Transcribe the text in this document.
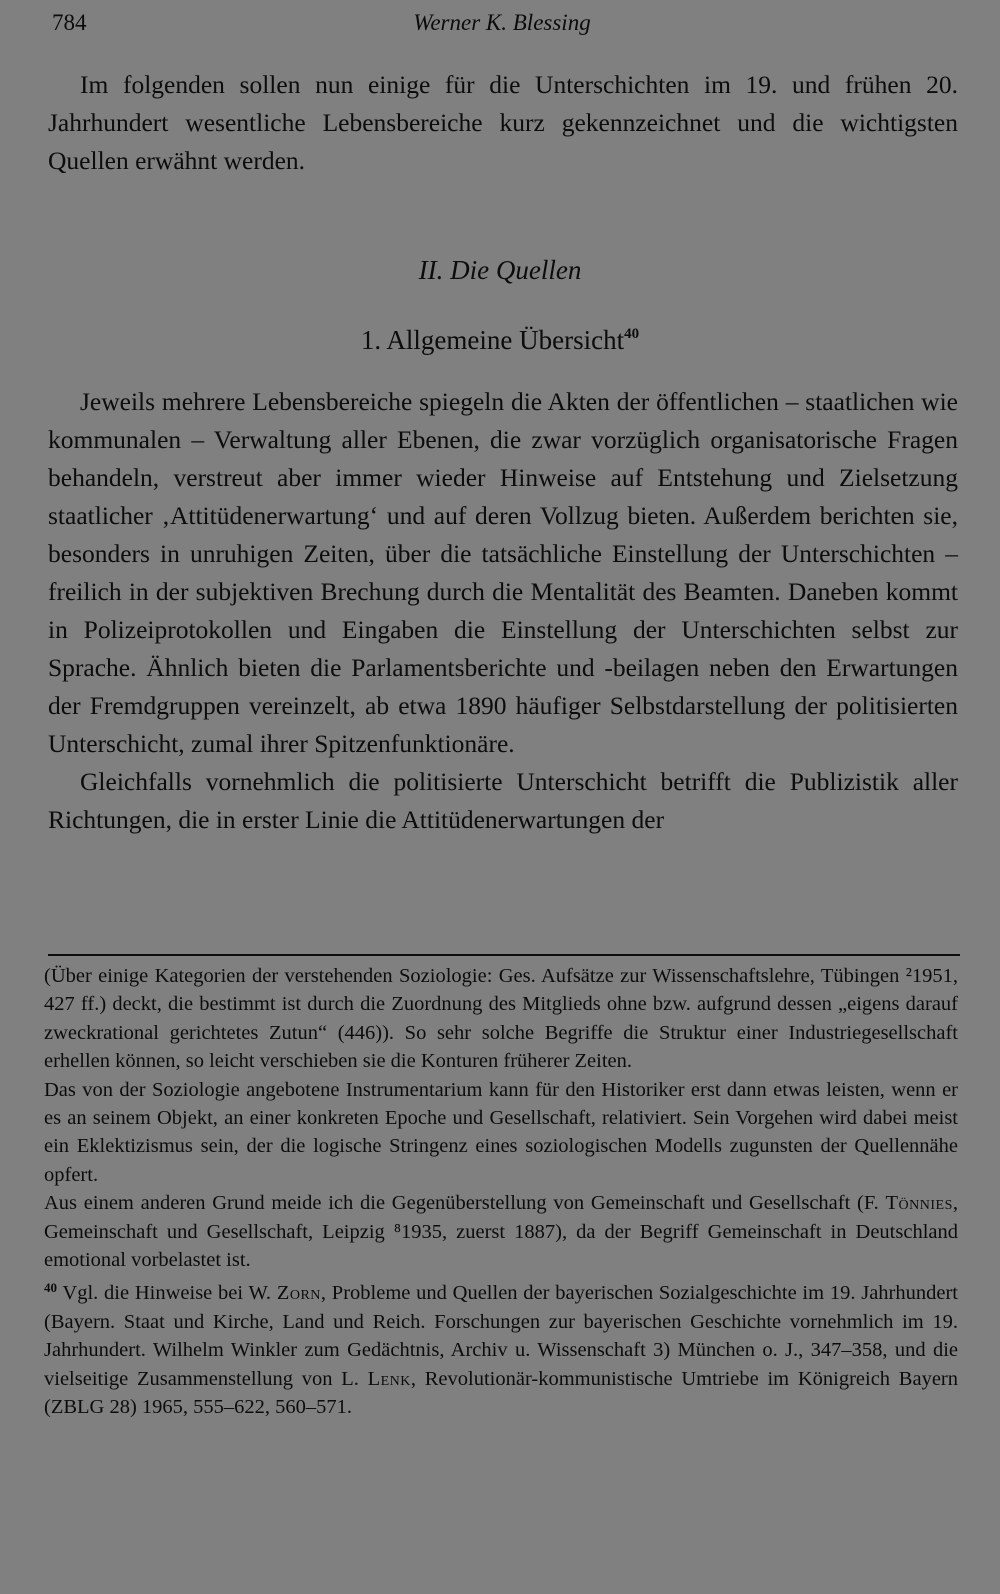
784	Werner K. Blessing

Im folgenden sollen nun einige für die Unterschichten im 19. und frühen 20. Jahrhundert wesentliche Lebensbereiche kurz gekennzeichnet und die wichtigsten Quellen erwähnt werden.

II. Die Quellen
1. Allgemeine Übersicht$^{40}$

Jeweils mehrere Lebensbereiche spiegeln die Akten der öffentlichen – staatlichen wie kommunalen – Verwaltung aller Ebenen, die zwar vorzüglich organisatorische Fragen behandeln, verstreut aber immer wieder Hinweise auf Entstehung und Zielsetzung staatlicher ‚Attitüdenerwartung‘ und auf deren Vollzug bieten. Außerdem berichten sie, besonders in unruhigen Zeiten, über die tatsächliche Einstellung der Unterschichten – freilich in der subjektiven Brechung durch die Mentalität des Beamten. Daneben kommt in Polizeiprotokollen und Eingaben die Einstellung der Unterschichten selbst zur Sprache. Ähnlich bieten die Parlamentsberichte und -beilagen neben den Erwartungen der Fremdgruppen vereinzelt, ab etwa 1890 häufiger Selbstdarstellung der politisierten Unterschicht, zumal ihrer Spitzenfunktionäre.

Gleichfalls vornehmlich die politisierte Unterschicht betrifft die Publizistik aller Richtungen, die in erster Linie die Attitüdenerwartungen der

(Über einige Kategorien der verstehenden Soziologie: Ges. Aufsätze zur Wissenschaftslehre, Tübingen ²1951, 427 ff.) deckt, die bestimmt ist durch die Zuordnung des Mitglieds ohne bzw. aufgrund dessen „eigens darauf zweckrational gerichtetes Zutun“ (446)). So sehr solche Begriffe die Struktur einer Industriegesellschaft erhellen können, so leicht verschieben sie die Konturen früherer Zeiten.

Das von der Soziologie angebotene Instrumentarium kann für den Historiker erst dann etwas leisten, wenn er es an seinem Objekt, an einer konkreten Epoche und Gesellschaft, relativiert. Sein Vorgehen wird dabei meist ein Eklektizismus sein, der die logische Stringenz eines soziologischen Modells zugunsten der Quellennähe opfert.

Aus einem anderen Grund meide ich die Gegenüberstellung von Gemeinschaft und Gesellschaft (F. Tönnies, Gemeinschaft und Gesellschaft, Leipzig ⁸1935, zuerst 1887), da der Begriff Gemeinschaft in Deutschland emotional vorbelastet ist.

$^{40}$ Vgl. die Hinweise bei W. Zorn, Probleme und Quellen der bayerischen Sozialgeschichte im 19. Jahrhundert (Bayern. Staat und Kirche, Land und Reich. Forschungen zur bayerischen Geschichte vornehmlich im 19. Jahrhundert. Wilhelm Winkler zum Gedächtnis, Archiv u. Wissenschaft 3) München o. J., 347–358, und die vielseitige Zusammenstellung von L. Lenk, Revolutionär-kommunistische Umtriebe im Königreich Bayern (ZBLG 28) 1965, 555–622, 560–571.
